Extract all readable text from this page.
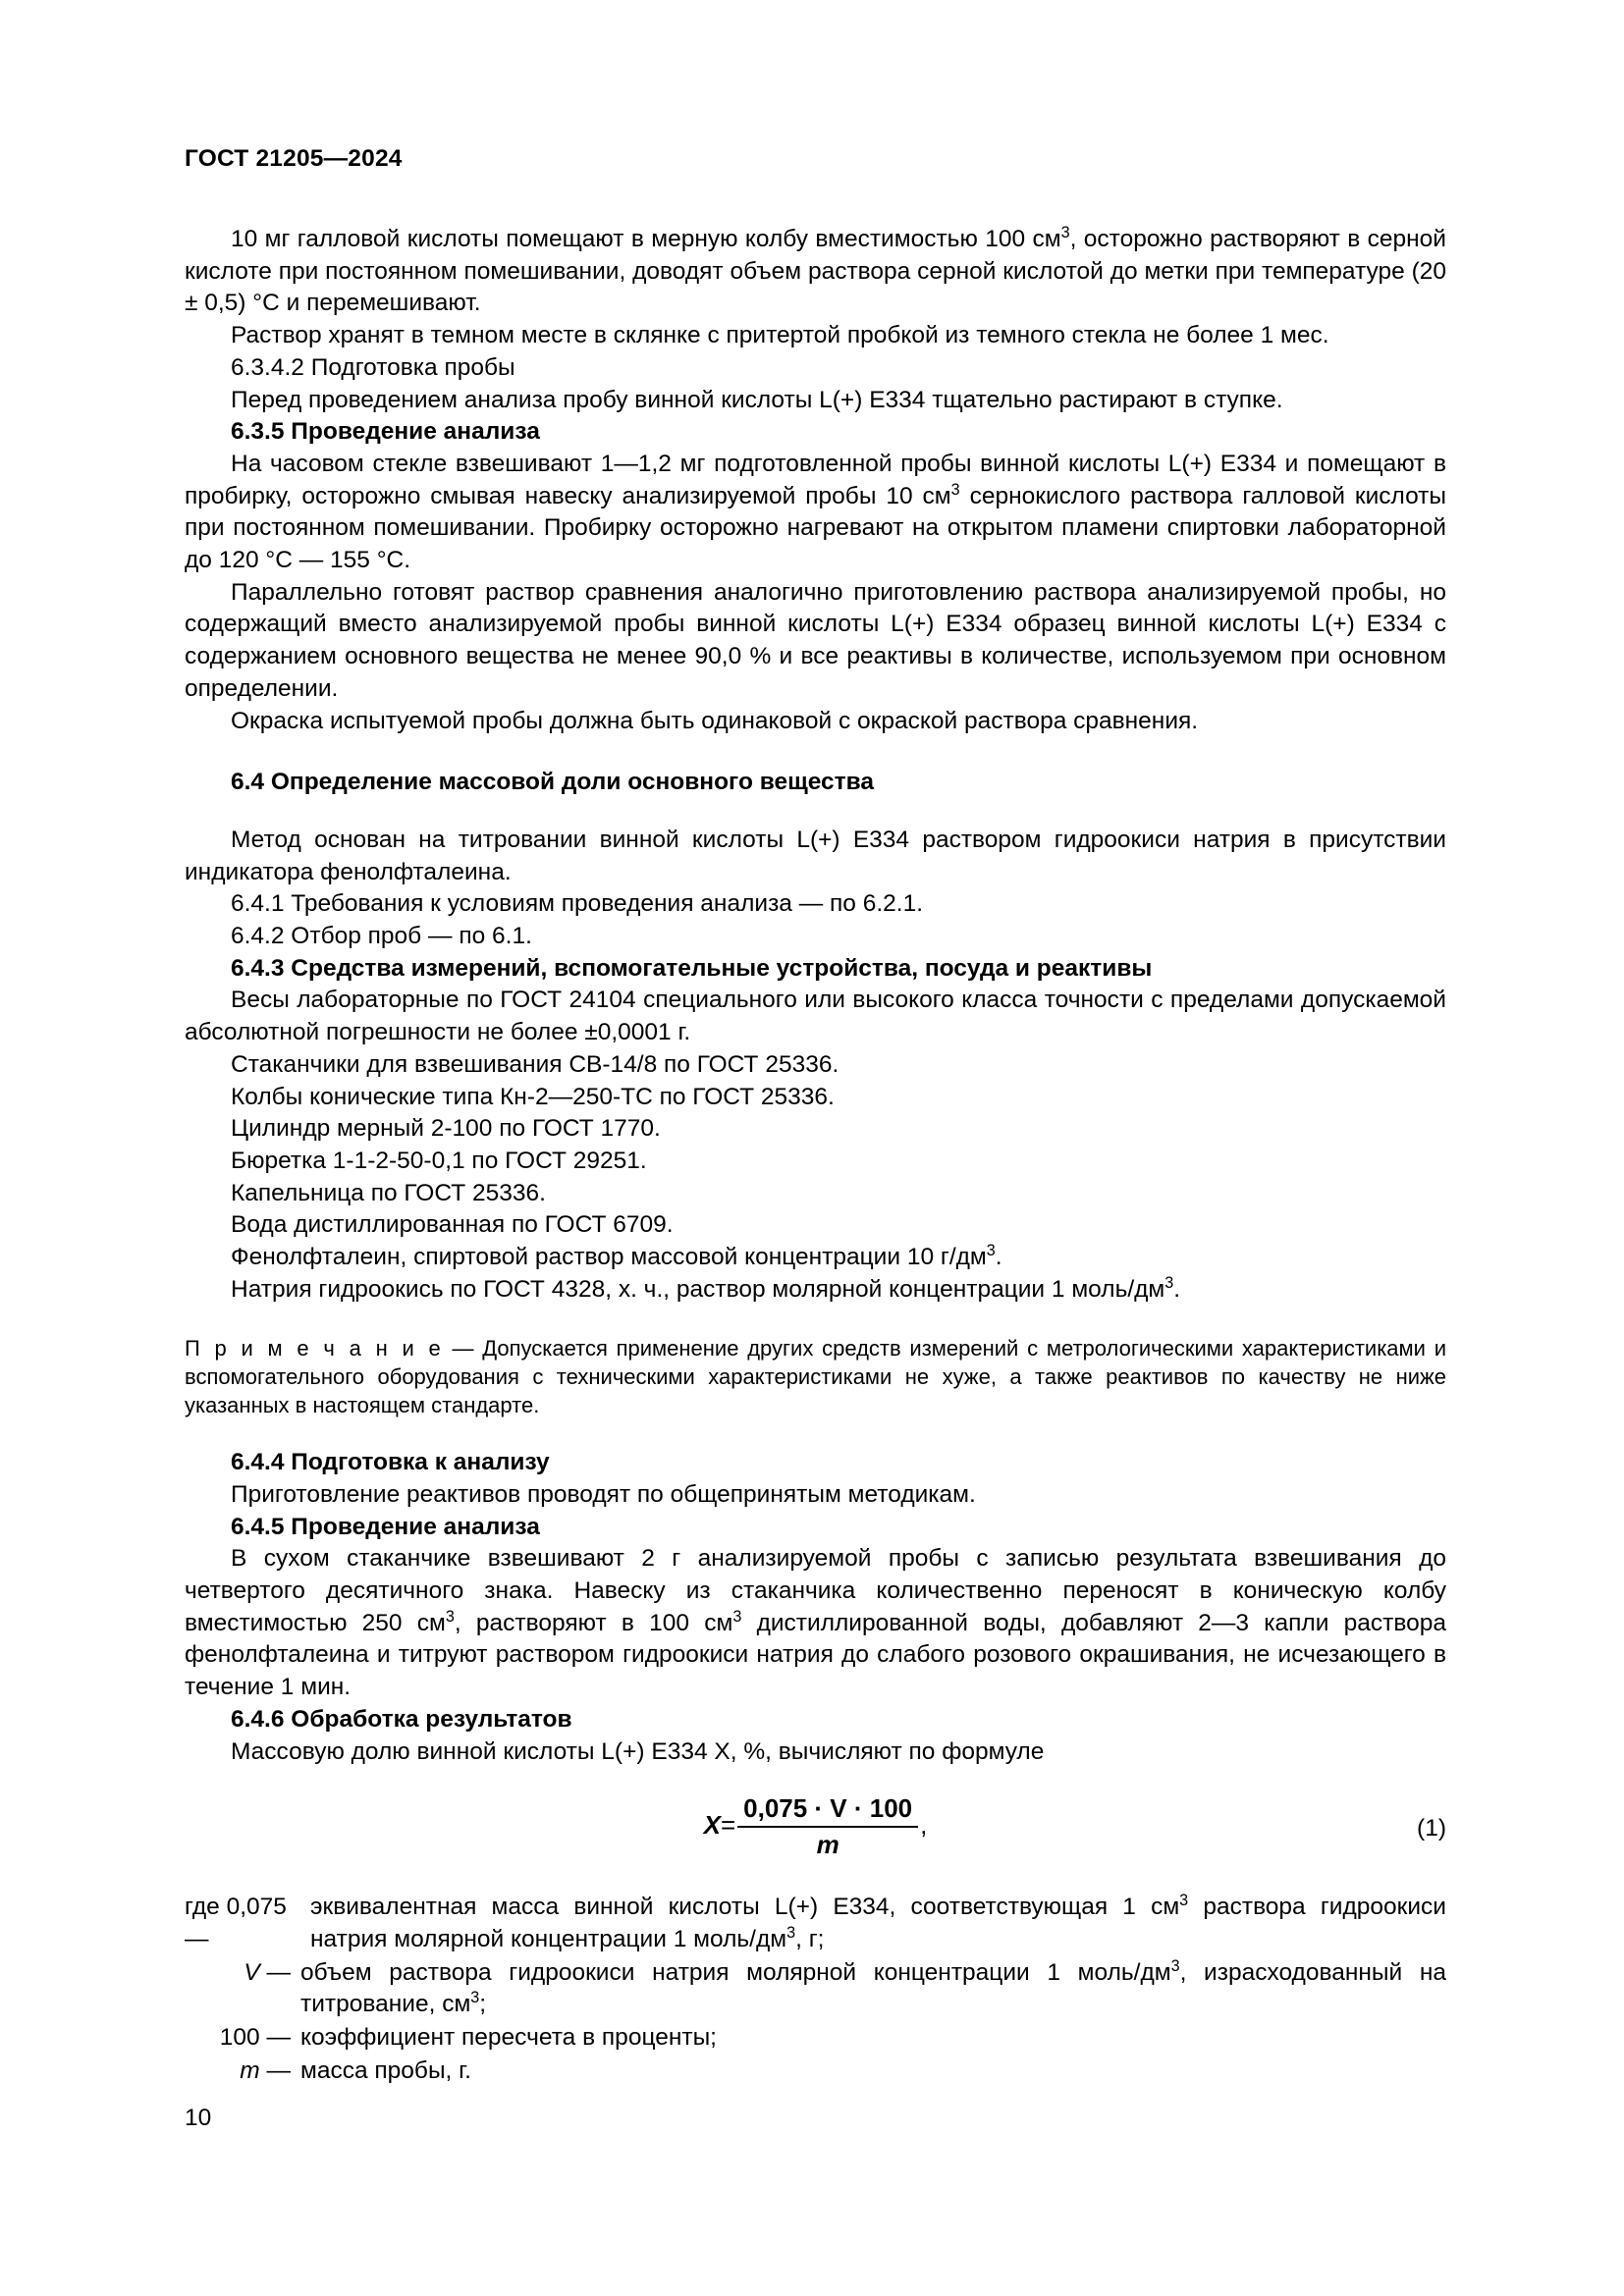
ГОСТ 21205—2024

10 мг галловой кислоты помещают в мерную колбу вместимостью 100 $см^3$, осторожно растворяют в серной кислоте при постоянном помешивании, доводят объем раствора серной кислотой до метки при температуре (20 ± 0,5) °С и перемешивают.

Раствор хранят в темном месте в склянке с притертой пробкой из темного стекла не более 1 мес.

6.3.4.2 Подготовка пробы

Перед проведением анализа пробу винной кислоты L(+) Е334 тщательно растирают в ступке.

6.3.5 Проведение анализа

На часовом стекле взвешивают 1—1,2 мг подготовленной пробы винной кислоты L(+) Е334 и помещают в пробирку, осторожно смывая навеску анализируемой пробы 10 $см^3$ сернокислого раствора галловой кислоты при постоянном помешивании. Пробирку осторожно нагревают на открытом пламени спиртовки лабораторной до 120 °С — 155 °С.

Параллельно готовят раствор сравнения аналогично приготовлению раствора анализируемой пробы, но содержащий вместо анализируемой пробы винной кислоты L(+) Е334 образец винной кислоты L(+) Е334 с содержанием основного вещества не менее 90,0 % и все реактивы в количестве, используемом при основном определении.

Окраска испытуемой пробы должна быть одинаковой с окраской раствора сравнения.

6.4 Определение массовой доли основного вещества

Метод основан на титровании винной кислоты L(+) Е334 раствором гидроокиси натрия в присутствии индикатора фенолфталеина.

6.4.1 Требования к условиям проведения анализа — по 6.2.1.

6.4.2 Отбор проб — по 6.1.

6.4.3 Средства измерений, вспомогательные устройства, посуда и реактивы

Весы лабораторные по ГОСТ 24104 специального или высокого класса точности с пределами допускаемой абсолютной погрешности не более ±0,0001 г.

Стаканчики для взвешивания СВ-14/8 по ГОСТ 25336.

Колбы конические типа Кн-2—250-ТС по ГОСТ 25336.

Цилиндр мерный 2-100 по ГОСТ 1770.

Бюретка 1-1-2-50-0,1 по ГОСТ 29251.

Капельница по ГОСТ 25336.

Вода дистиллированная по ГОСТ 6709.

Фенолфталеин, спиртовой раствор массовой концентрации 10 $г/дм^3$.

Натрия гидроокись по ГОСТ 4328, х. ч., раствор молярной концентрации 1 моль/$дм^3$.

П р и м е ч а н и е — Допускается применение других средств измерений с метрологическими характеристиками и вспомогательного оборудования с техническими характеристиками не хуже, а также реактивов по качеству не ниже указанных в настоящем стандарте.

6.4.4 Подготовка к анализу

Приготовление реактивов проводят по общепринятым методикам.

6.4.5 Проведение анализа

В сухом стаканчике взвешивают 2 г анализируемой пробы с записью результата взвешивания до четвертого десятичного знака. Навеску из стаканчика количественно переносят в коническую колбу вместимостью 250 $см^3$, растворяют в 100 $см^3$ дистиллированной воды, добавляют 2—3 капли раствора фенолфталеина и титруют раствором гидроокиси натрия до слабого розового окрашивания, не исчезающего в течение 1 мин.

6.4.6 Обработка результатов

Массовую долю винной кислоты L(+) Е334 X, %, вычисляют по формуле

$X= \frac{0,075 \cdot V \cdot 100}{m}$ ,	(1)
где 0,075 —
эквивалентная масса винной кислоты L(+) Е334, соответствующая 1 $см^3$ раствора гидроокиси натрия молярной концентрации 1 моль/$дм^3$, г;
V — объем раствора гидроокиси натрия молярной концентрации 1 моль/$дм^3$, израсходованный на титрование, $см^3$;
100 — коэффициент пересчета в проценты;
m — масса пробы, г.
10
